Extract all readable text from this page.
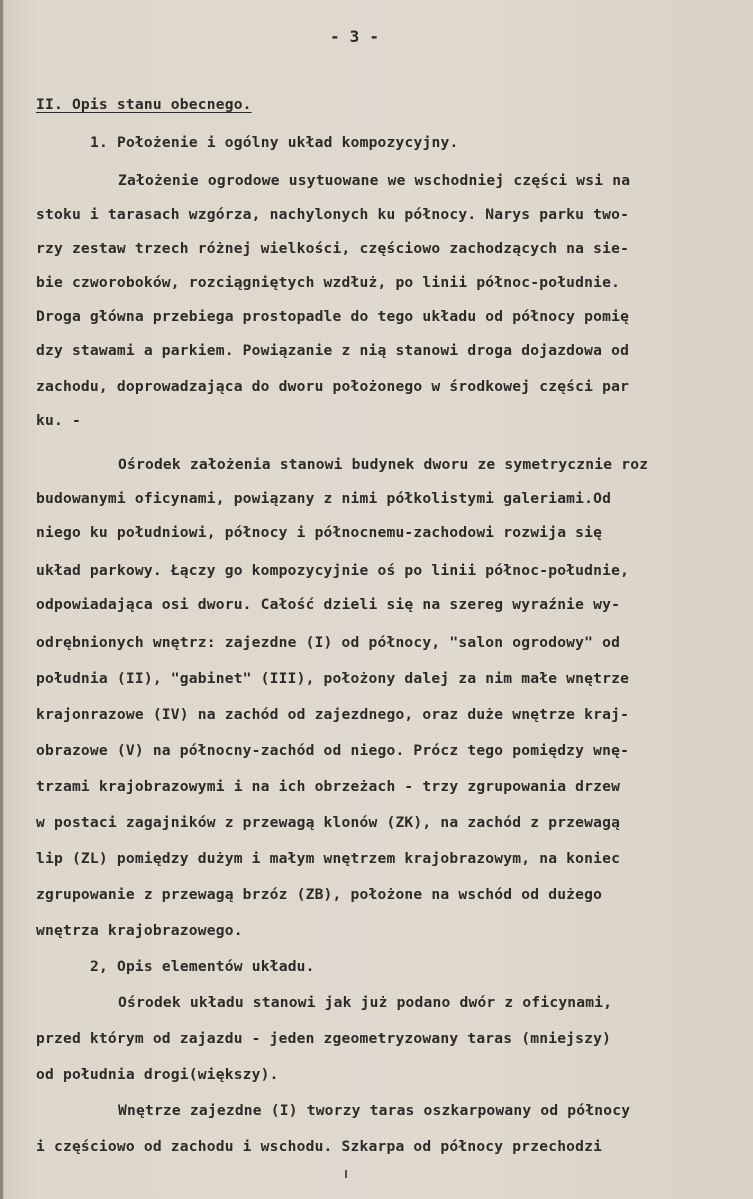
- 3 -
II. Opis stanu obecnego.
1. Położenie i ogólny układ kompozycyjny.
Założenie ogrodowe usytuowane we wschodniej części wsi na
stoku i tarasach wzgórza, nachylonych ku północy. Narys parku two-
rzy zestaw trzech różnej wielkości, częściowo zachodzących na sie-
bie czworoboków, rozciągniętych wzdłuż, po linii północ-południe.
Droga główna przebiega prostopadle do tego układu od północy pomię
dzy stawami a parkiem. Powiązanie z nią stanowi droga dojazdowa od
zachodu, doprowadzająca do dworu położonego w środkowej części par
ku. -
Ośrodek założenia stanowi budynek dworu ze symetrycznie roz
budowanymi oficynami, powiązany z nimi półkolistymi galeriami.Od
niego ku południowi, północy i północnemu-zachodowi rozwija się
układ parkowy. Łączy go kompozycyjnie oś po linii północ-południe,
odpowiadająca osi dworu. Całość dzieli się na szereg wyraźnie wy-
odrębnionych wnętrz: zajezdne (I) od północy, "salon ogrodowy" od
południa (II), "gabinet" (III), położony dalej za nim małe wnętrze
krajonrazowe (IV) na zachód od zajezdnego, oraz duże wnętrze kraj-
obrazowe (V) na północny-zachód od niego. Prócz tego pomiędzy wnę-
trzami krajobrazowymi i na ich obrzeżach - trzy zgrupowania drzew
w postaci zagajników z przewagą klonów (ZK), na zachód z przewagą
lip (ZL) pomiędzy dużym i małym wnętrzem krajobrazowym, na koniec
zgrupowanie z przewagą brzóz (ZB), położone na wschód od dużego
wnętrza krajobrazowego.
2, Opis elementów układu.
Ośrodek układu stanowi jak już podano dwór z oficynami,
przed którym od zajazdu - jeden zgeometryzowany taras (mniejszy)
od południa drogi(większy).
Wnętrze zajezdne (I) tworzy taras oszkarpowany od północy
i częściowo od zachodu i wschodu. Szkarpa od północy przechodzi
